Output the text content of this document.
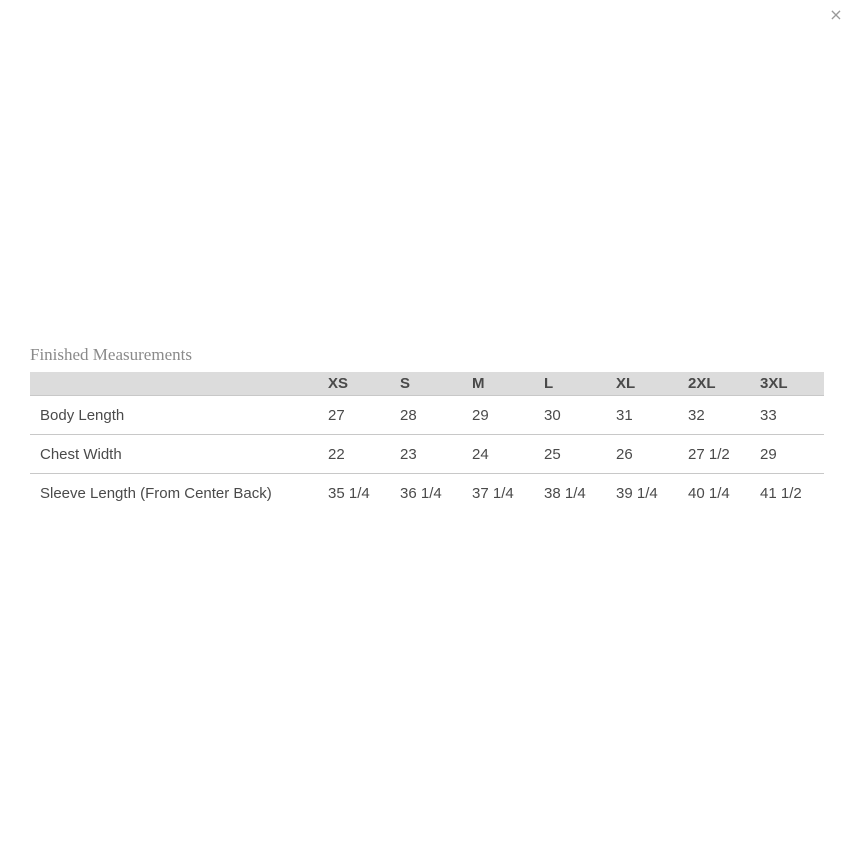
×
Finished Measurements
	XS	S	M	L	XL	2XL	3XL
Body Length	27	28	29	30	31	32	33
Chest Width	22	23	24	25	26	27 1/2	29
Sleeve Length (From Center Back)	35 1/4	36 1/4	37 1/4	38 1/4	39 1/4	40 1/4	41 1/2
